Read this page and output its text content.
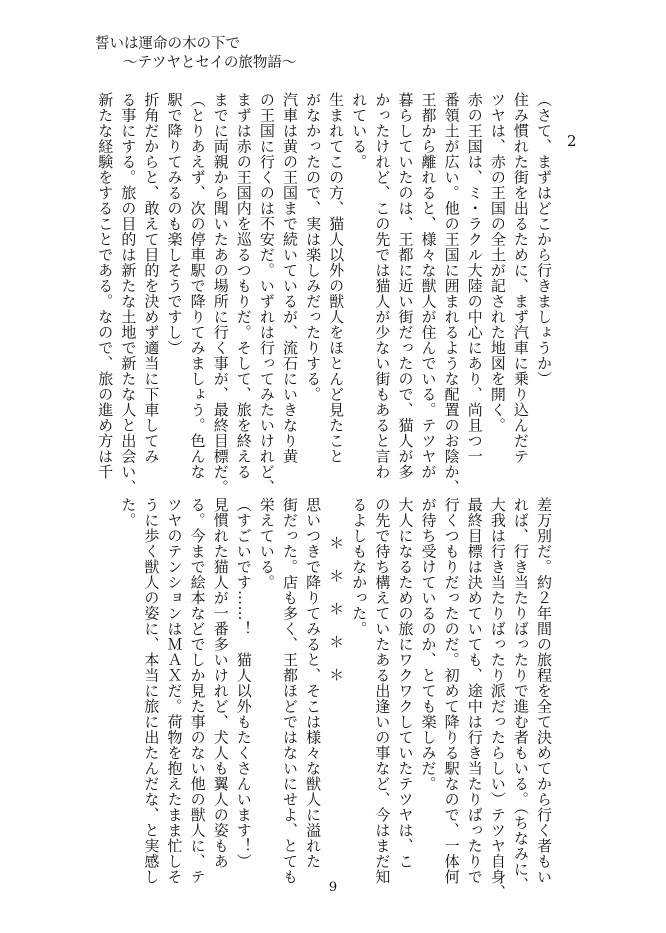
誓いは運命の木の下で
～テツヤとセイの旅物語～
2

（さて、まずはどこから行きましょうか）

住み慣れた街を出るために、まず汽車に乗り込んだテ

ツヤは、赤の王国の全土が記された地図を開く。

赤の王国は、ミ・ラクル大陸の中心にあり、尚且つ一

番領土が広い。他の王国に囲まれるような配置のお陰か、

王都から離れると、様々な獣人が住んでいる。テツヤが

暮らしていたのは、王都に近い街だったので、猫人が多

かったけれど、この先では猫人が少ない街もあると言わ

れている。

生まれてこの方、猫人以外の獣人をほとんど見たこと

がなかったので、実は楽しみだったりする。

汽車は黄の王国まで続いているが、流石にいきなり黄

の王国に行くのは不安だ。いずれは行ってみたいけれど、

まずは赤の王国内を巡るつもりだ。そして、旅を終える

までに両親から聞いたあの場所に行く事が、最終目標だ。

（とりあえず、次の停車駅で降りてみましょう。色んな

駅で降りてみるのも楽しそうですし）

折角だからと、敢えて目的を決めず適当に下車してみ

る事にする。旅の目的は新たな土地で新たな人と出会い、

新たな経験をすることである。なので、旅の進め方は千

差万別だ。約２年間の旅程を全て決めてから行く者もい

れば、行き当たりばったりで進む者もいる。（ちなみに、

大我は行き当たりばったり派だったらしい）テツヤ自身、

最終目標は決めていても、途中は行き当たりばったりで

行くつもりだったのだ。初めて降りる駅なので、一体何

が待ち受けているのか、とても楽しみだ。

大人になるための旅にワクワクしていたテツヤは、こ

の先で待ち構えていたある出逢いの事など、今はまだ知

るよしもなかった。

＊＊＊＊＊

思いつきで降りてみると、そこは様々な獣人に溢れた

街だった。店も多く、王都ほどではないにせよ、とても

栄えている。

（すごいです……！　猫人以外もたくさんいます！）

見慣れた猫人が一番多いけれど、犬人も翼人の姿もあ

る。今まで絵本などでしか見た事のない他の獣人に、テ

ツヤのテンションはＭＡＸだ。荷物を抱えたまま忙しそ

うに歩く獣人の姿に、本当に旅に出たんだな、と実感し

た。

9
